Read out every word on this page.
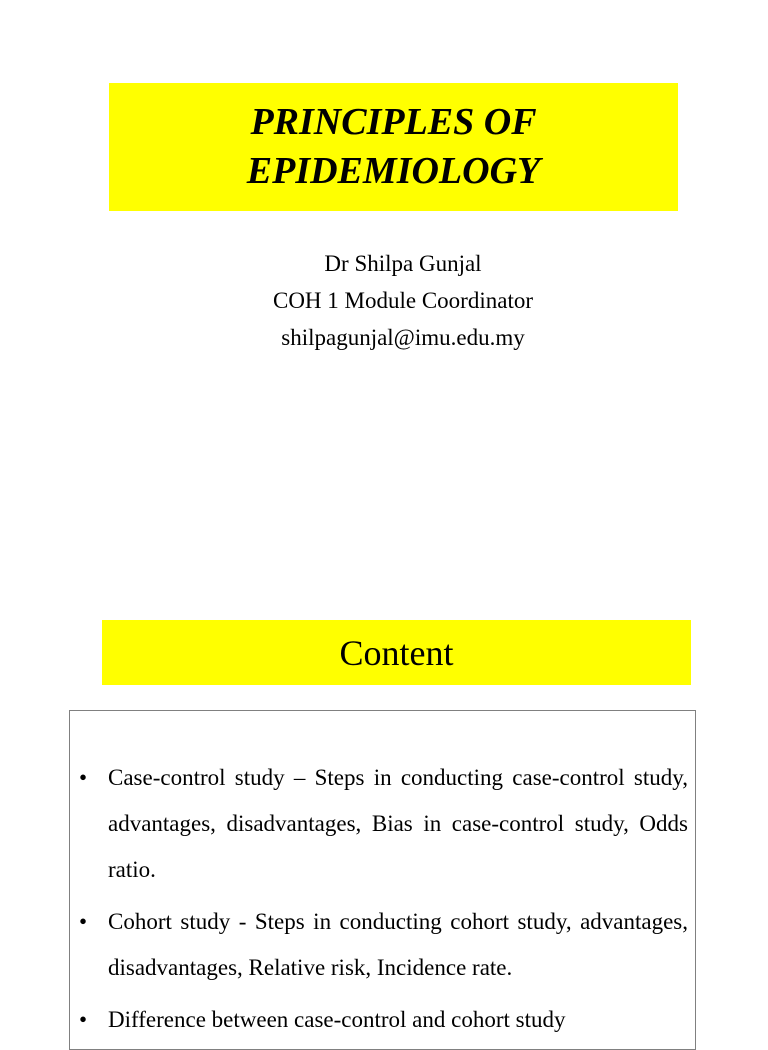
PRINCIPLES OF
EPIDEMIOLOGY
Dr Shilpa Gunjal
COH 1 Module Coordinator
shilpagunjal@imu.edu.my
Content
• Case-control study – Steps in conducting case-control study, advantages, disadvantages, Bias in case-control study, Odds ratio.
• Cohort study - Steps in conducting cohort study, advantages, disadvantages, Relative risk, Incidence rate.
• Difference between case-control and cohort study
